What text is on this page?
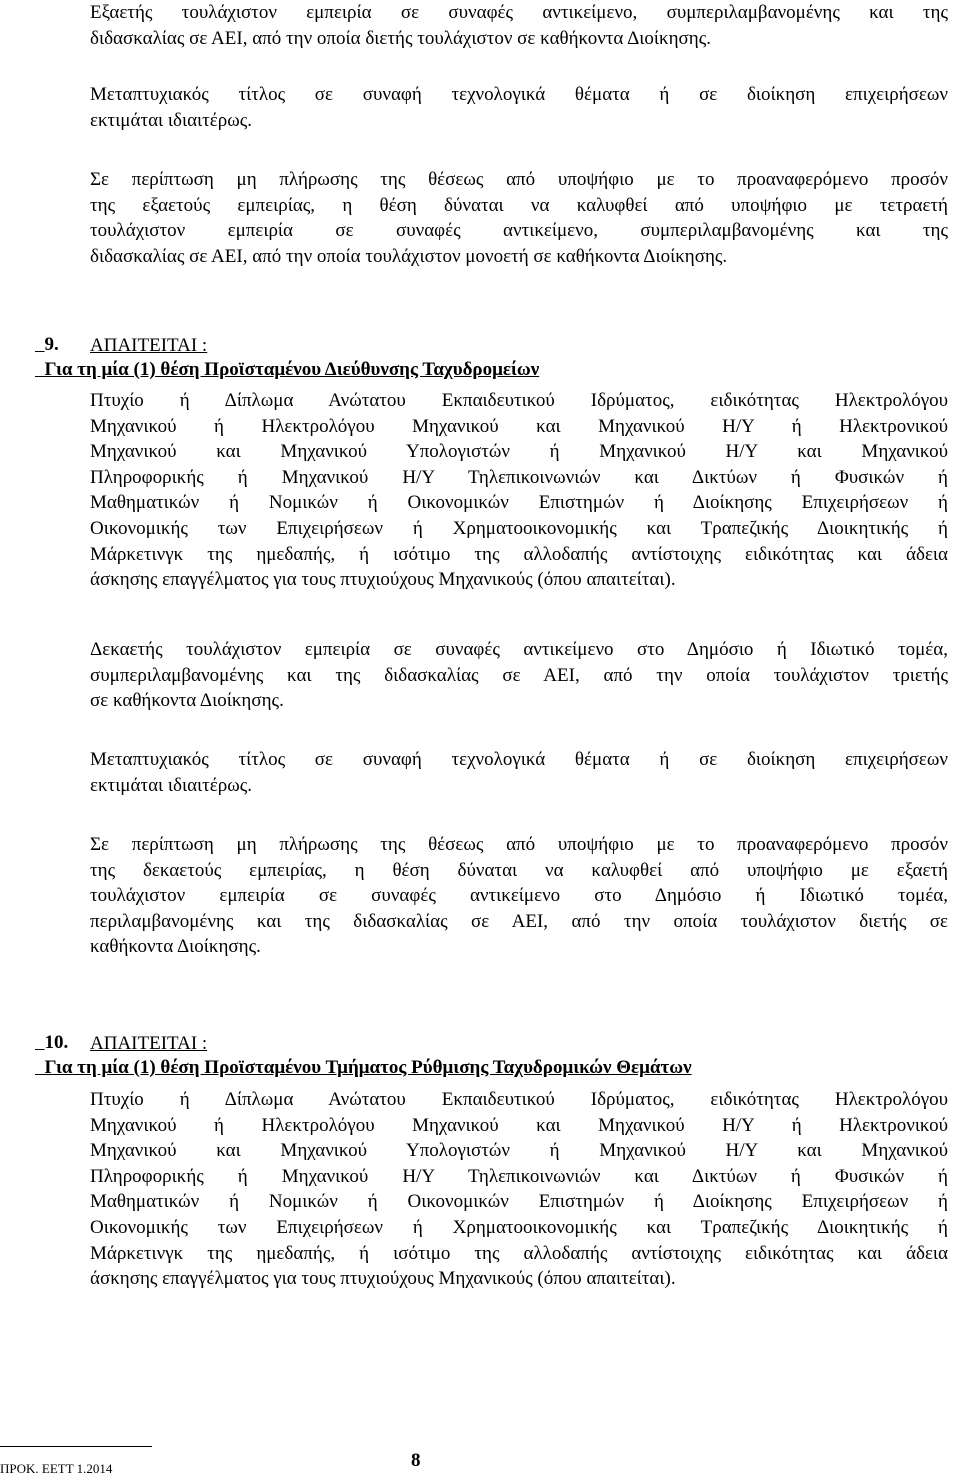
Εξαετής τουλάχιστον εμπειρία σε συναφές αντικείμενο, συμπεριλαμβανομένης και της
διδασκαλίας σε ΑΕΙ, από την οποία διετής τουλάχιστον σε καθήκοντα Διοίκησης.
Μεταπτυχιακός τίτλος σε συναφή τεχνολογικά θέματα ή σε διοίκηση επιχειρήσεων
εκτιμάται ιδιαιτέρως.
Σε περίπτωση μη πλήρωσης της θέσεως από υποψήφιο με το προαναφερόμενο προσόν
της εξαετούς εμπειρίας, η θέση δύναται να καλυφθεί από υποψήφιο με τετραετή
τουλάχιστον εμπειρία σε συναφές αντικείμενο, συμπεριλαμβανομένης και της
διδασκαλίας σε ΑΕΙ, από την οποία τουλάχιστον μονοετή σε καθήκοντα Διοίκησης.

9.
Για τη μία (1) θέση Προϊσταμένου Διεύθυνσης Ταχυδρομείων

ΑΠΑΙΤΕΙΤΑΙ :
Πτυχίο ή Δίπλωμα Ανώτατου Εκπαιδευτικού Ιδρύματος, ειδικότητας Ηλεκτρολόγου
Μηχανικού ή Ηλεκτρολόγου Μηχανικού και Μηχανικού Η/Υ ή Ηλεκτρονικού
Μηχανικού και Μηχανικού Υπολογιστών ή Μηχανικού Η/Υ και Μηχανικού
Πληροφορικής ή Μηχανικού Η/Υ Τηλεπικοινωνιών και Δικτύων ή Φυσικών ή
Μαθηματικών ή Νομικών ή Οικονομικών Επιστημών ή Διοίκησης Επιχειρήσεων ή
Οικονομικής των Επιχειρήσεων ή Χρηματοοικονομικής και Τραπεζικής Διοικητικής ή
Μάρκετινγκ της ημεδαπής, ή ισότιμο της αλλοδαπής αντίστοιχης ειδικότητας και άδεια
άσκησης επαγγέλματος για τους πτυχιούχους Μηχανικούς (όπου απαιτείται).
Δεκαετής τουλάχιστον εμπειρία σε συναφές αντικείμενο στο Δημόσιο ή Ιδιωτικό τομέα,
συμπεριλαμβανομένης και της διδασκαλίας σε ΑΕΙ, από την οποία τουλάχιστον τριετής
σε καθήκοντα Διοίκησης.
Μεταπτυχιακός τίτλος σε συναφή τεχνολογικά θέματα ή σε διοίκηση επιχειρήσεων
εκτιμάται ιδιαιτέρως.
Σε περίπτωση μη πλήρωσης της θέσεως από υποψήφιο με το προαναφερόμενο προσόν
της δεκαετούς εμπειρίας, η θέση δύναται να καλυφθεί από υποψήφιο με εξαετή
τουλάχιστον εμπειρία σε συναφές αντικείμενο στο Δημόσιο ή Ιδιωτικό τομέα,
περιλαμβανομένης και της διδασκαλίας σε ΑΕΙ, από την οποία τουλάχιστον διετής σε
καθήκοντα Διοίκησης.

10.
Για τη μία (1) θέση Προϊσταμένου Τμήματος Ρύθμισης Ταχυδρομικών Θεμάτων

ΑΠΑΙΤΕΙΤΑΙ :
Πτυχίο ή Δίπλωμα Ανώτατου Εκπαιδευτικού Ιδρύματος, ειδικότητας Ηλεκτρολόγου
Μηχανικού ή Ηλεκτρολόγου Μηχανικού και Μηχανικού Η/Υ ή Ηλεκτρονικού
Μηχανικού και Μηχανικού Υπολογιστών ή Μηχανικού Η/Υ και Μηχανικού
Πληροφορικής ή Μηχανικού Η/Υ Τηλεπικοινωνιών και Δικτύων ή Φυσικών ή
Μαθηματικών ή Νομικών ή Οικονομικών Επιστημών ή Διοίκησης Επιχειρήσεων ή
Οικονομικής των Επιχειρήσεων ή Χρηματοοικονομικής και Τραπεζικής Διοικητικής ή
Μάρκετινγκ της ημεδαπής, ή ισότιμο της αλλοδαπής αντίστοιχης ειδικότητας και άδεια
άσκησης επαγγέλματος για τους πτυχιούχους Μηχανικούς (όπου απαιτείται).
ΠΡΟΚ. ΕΕΤΤ 1.2014	8
